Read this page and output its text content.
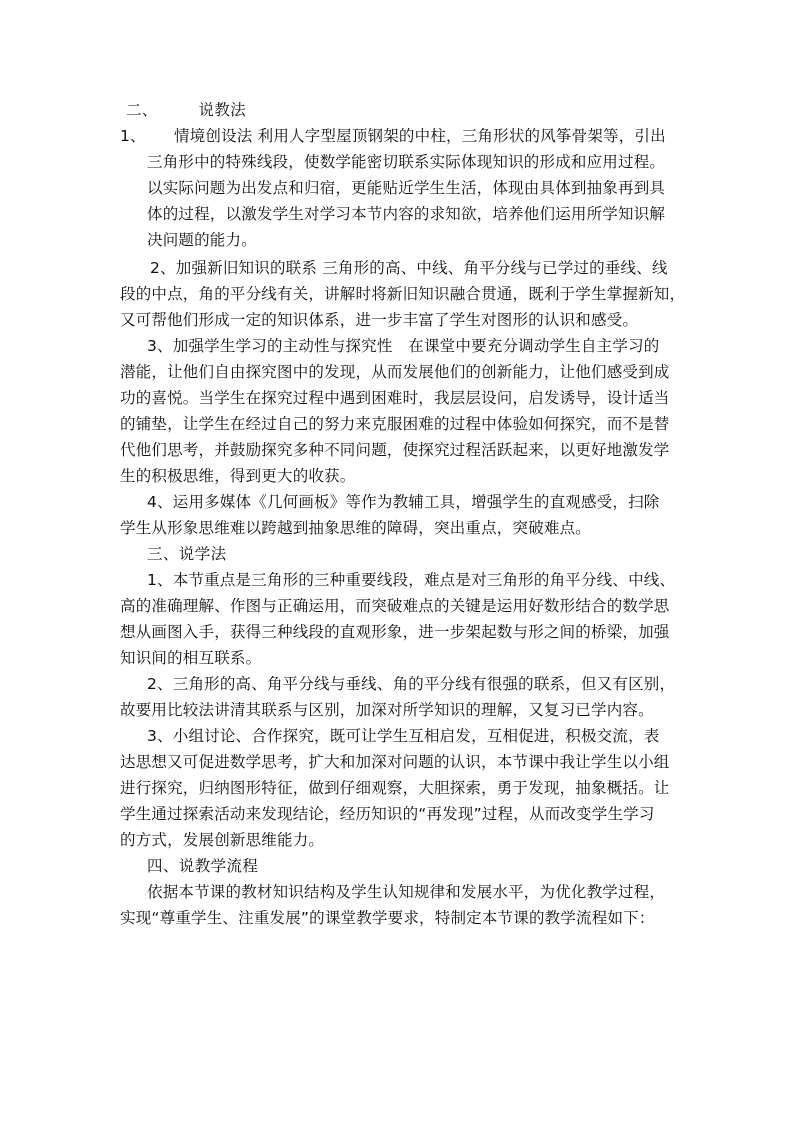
二、	说教法
1、 情境创设法 利用人字型屋顶钢架的中柱，三角形状的风筝骨架等，引出
三角形中的特殊线段，使数学能密切联系实际体现知识的形成和应用过程。
以实际问题为出发点和归宿，更能贴近学生生活，体现由具体到抽象再到具
体的过程，以激发学生对学习本节内容的求知欲，培养他们运用所学知识解
决问题的能力。
2、加强新旧知识的联系 三角形的高、中线、角平分线与已学过的垂线、线
段的中点，角的平分线有关，讲解时将新旧知识融合贯通，既利于学生掌握新知，
又可帮他们形成一定的知识体系，进一步丰富了学生对图形的认识和感受。
3、加强学生学习的主动性与探究性　在课堂中要充分调动学生自主学习的
潜能，让他们自由探究图中的发现，从而发展他们的创新能力，让他们感受到成
功的喜悦。当学生在探究过程中遇到困难时，我层层设问，启发诱导，设计适当
的铺垫，让学生在经过自己的努力来克服困难的过程中体验如何探究，而不是替
代他们思考，并鼓励探究多种不同问题，使探究过程活跃起来，以更好地激发学
生的积极思维，得到更大的收获。
4、运用多媒体《几何画板》等作为教辅工具，增强学生的直观感受，扫除
学生从形象思维难以跨越到抽象思维的障碍，突出重点，突破难点。
三、说学法
1、本节重点是三角形的三种重要线段，难点是对三角形的角平分线、中线、
高的准确理解、作图与正确运用，而突破难点的关键是运用好数形结合的数学思
想从画图入手，获得三种线段的直观形象，进一步架起数与形之间的桥梁，加强
知识间的相互联系。
2、三角形的高、角平分线与垂线、角的平分线有很强的联系，但又有区别，
故要用比较法讲清其联系与区别，加深对所学知识的理解，又复习已学内容。
3、小组讨论、合作探究，既可让学生互相启发，互相促进，积极交流，表
达思想又可促进数学思考，扩大和加深对问题的认识，本节课中我让学生以小组
进行探究，归纳图形特征，做到仔细观察，大胆探索，勇于发现，抽象概括。让
学生通过探索活动来发现结论，经历知识的“再发现”过程，从而改变学生学习
的方式，发展创新思维能力。
四、说教学流程
依据本节课的教材知识结构及学生认知规律和发展水平，为优化教学过程，
实现“尊重学生、注重发展”的课堂教学要求，特制定本节课的教学流程如下：
